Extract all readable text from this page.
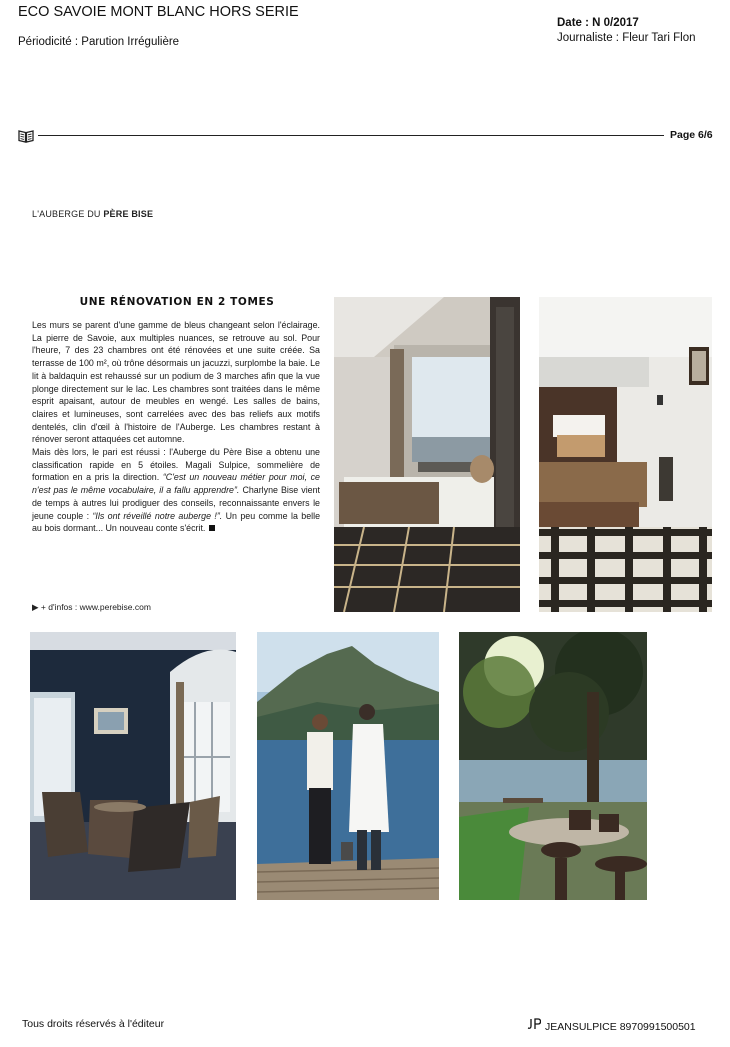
ECO SAVOIE MONT BLANC HORS SERIE
Périodicité : Parution Irrégulière
Date : N 0/2017
Journaliste : Fleur Tari Flon
Page 6/6
L'AUBERGE DU PÈRE BISE
UNE RÉNOVATION EN 2 TOMES

Les murs se parent d'une gamme de bleus changeant selon l'éclairage. La pierre de Savoie, aux multiples nuances, se retrouve au sol. Pour l'heure, 7 des 23 chambres ont été rénovées et une suite créée. Sa terrasse de 100 m², où trône désormais un jacuzzi, surplombe la baie. Le lit à baldaquin est rehaussé sur un podium de 3 marches afin que la vue plonge directement sur le lac. Les chambres sont traitées dans le même esprit apaisant, autour de meubles en wengé. Les salles de bains, claires et lumineuses, sont carrelées avec des bas reliefs aux motifs dentelés, clin d'œil à l'histoire de l'Auberge. Les chambres restant à rénover seront attaquées cet automne.

Mais dès lors, le pari est réussi : l'Auberge du Père Bise a obtenu une classification rapide en 5 étoiles. Magali Sulpice, sommelière de formation en a pris la direction. “C'est un nouveau métier pour moi, ce n'est pas le même vocabulaire, il a fallu apprendre”. Charlyne Bise vient de temps à autres lui prodiguer des conseils, reconnaissante envers le jeune couple : “Ils ont réveillé notre auberge !”. Un peu comme la belle au bois dormant... Un nouveau conte s'écrit.

▶ + d'infos : www.perebise.com
Tous droits réservés à l'éditeur	JEANSULPICE 8970991500501
